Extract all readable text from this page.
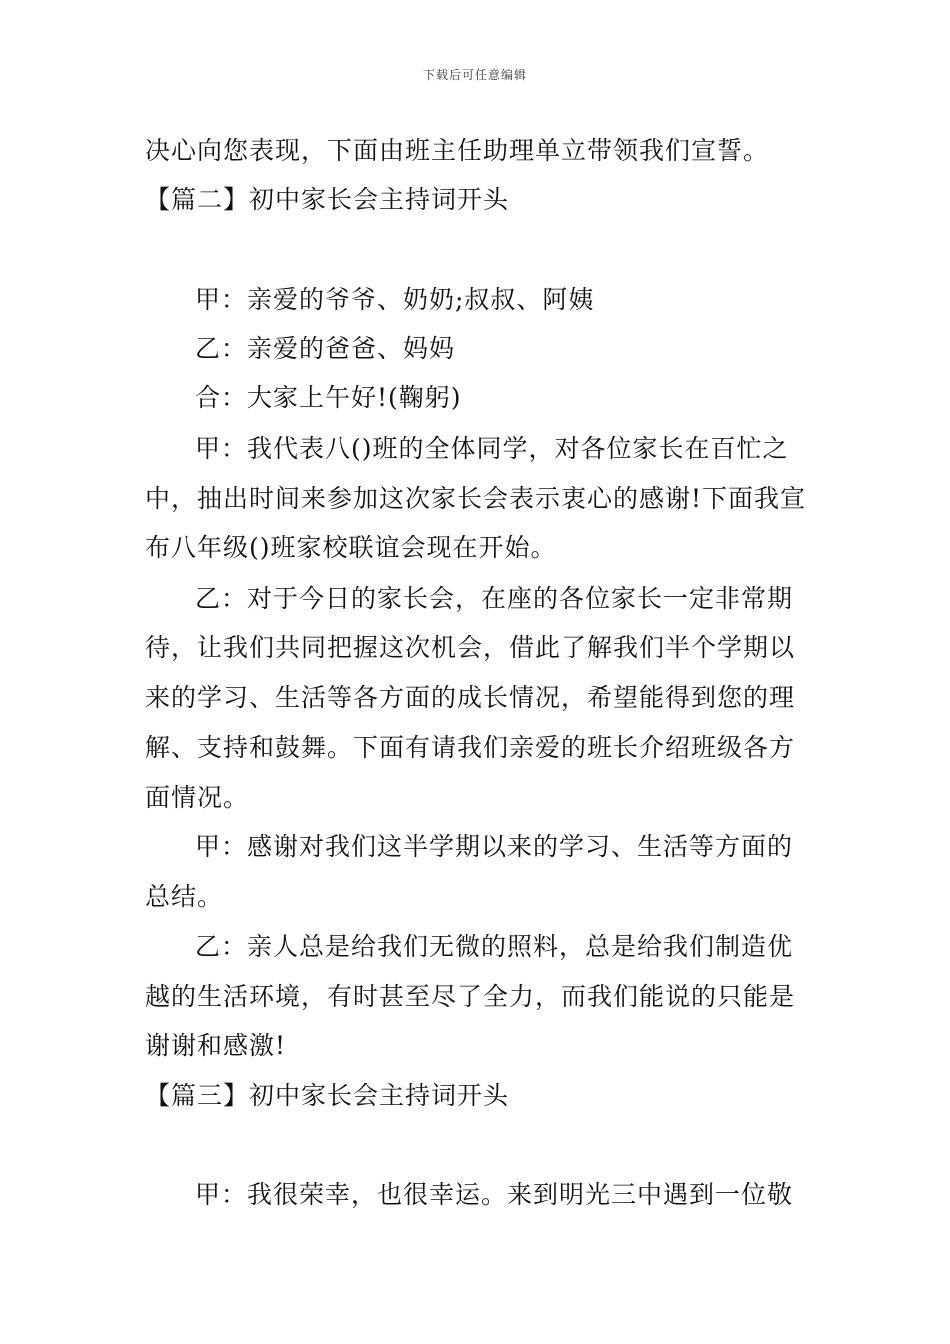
下载后可任意编辑
决心向您表现，下面由班主任助理单立带领我们宣誓。
【篇二】初中家长会主持词开头
甲：亲爱的爷爷、奶奶;叔叔、阿姨
乙：亲爱的爸爸、妈妈
合：大家上午好!(鞠躬)
甲：我代表八()班的全体同学，对各位家长在百忙之
中，抽出时间来参加这次家长会表示衷心的感谢!下面我宣
布八年级()班家校联谊会现在开始。
乙：对于今日的家长会，在座的各位家长一定非常期
待，让我们共同把握这次机会，借此了解我们半个学期以
来的学习、生活等各方面的成长情况，希望能得到您的理
解、支持和鼓舞。下面有请我们亲爱的班长介绍班级各方
面情况。
甲：感谢对我们这半学期以来的学习、生活等方面的
总结。
乙：亲人总是给我们无微的照料，总是给我们制造优
越的生活环境，有时甚至尽了全力，而我们能说的只能是
谢谢和感激!
【篇三】初中家长会主持词开头
甲：我很荣幸，也很幸运。来到明光三中遇到一位敬
